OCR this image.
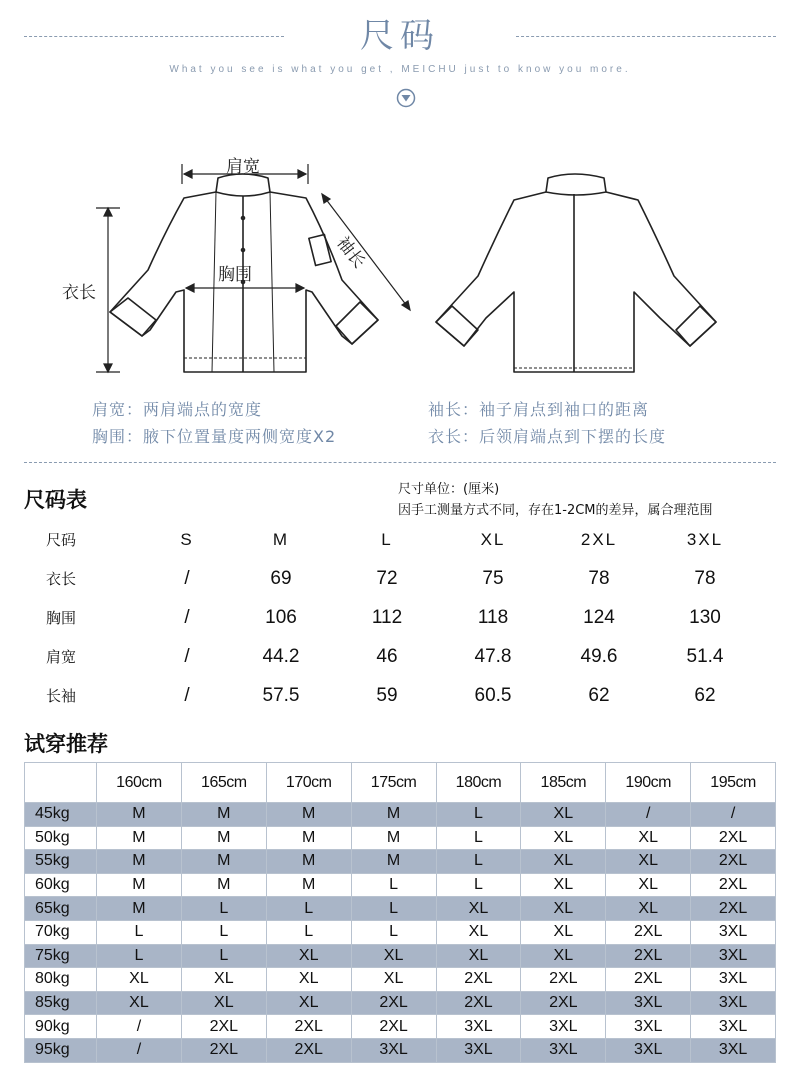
尺码
What you see is what you get , MEICHU just to know you more.
肩宽
胸围
衣长
袖长
肩宽：两肩端点的宽度
胸围：腋下位置量度两侧宽度X2
袖长：袖子肩点到袖口的距离
衣长：后领肩端点到下摆的长度
尺码表	尺寸单位：(厘米)
因手工测量方式不同，存在1-2CM的差异，属合理范围
尺码	S	M	L	XL	2XL	3XL
衣长	/	69	72	75	78	78
胸围	/	106	112	118	124	130
肩宽	/	44.2	46	47.8	49.6	51.4
长袖	/	57.5	59	60.5	62	62
试穿推荐
	160cm	165cm	170cm	175cm	180cm	185cm	190cm	195cm
45kg	M	M	M	M	L	XL	/	/
50kg	M	M	M	M	L	XL	XL	2XL
55kg	M	M	M	M	L	XL	XL	2XL
60kg	M	M	M	L	L	XL	XL	2XL
65kg	M	L	L	L	XL	XL	XL	2XL
70kg	L	L	L	L	XL	XL	2XL	3XL
75kg	L	L	XL	XL	XL	XL	2XL	3XL
80kg	XL	XL	XL	XL	2XL	2XL	2XL	3XL
85kg	XL	XL	XL	2XL	2XL	2XL	3XL	3XL
90kg	/	2XL	2XL	2XL	3XL	3XL	3XL	3XL
95kg	/	2XL	2XL	3XL	3XL	3XL	3XL	3XL
